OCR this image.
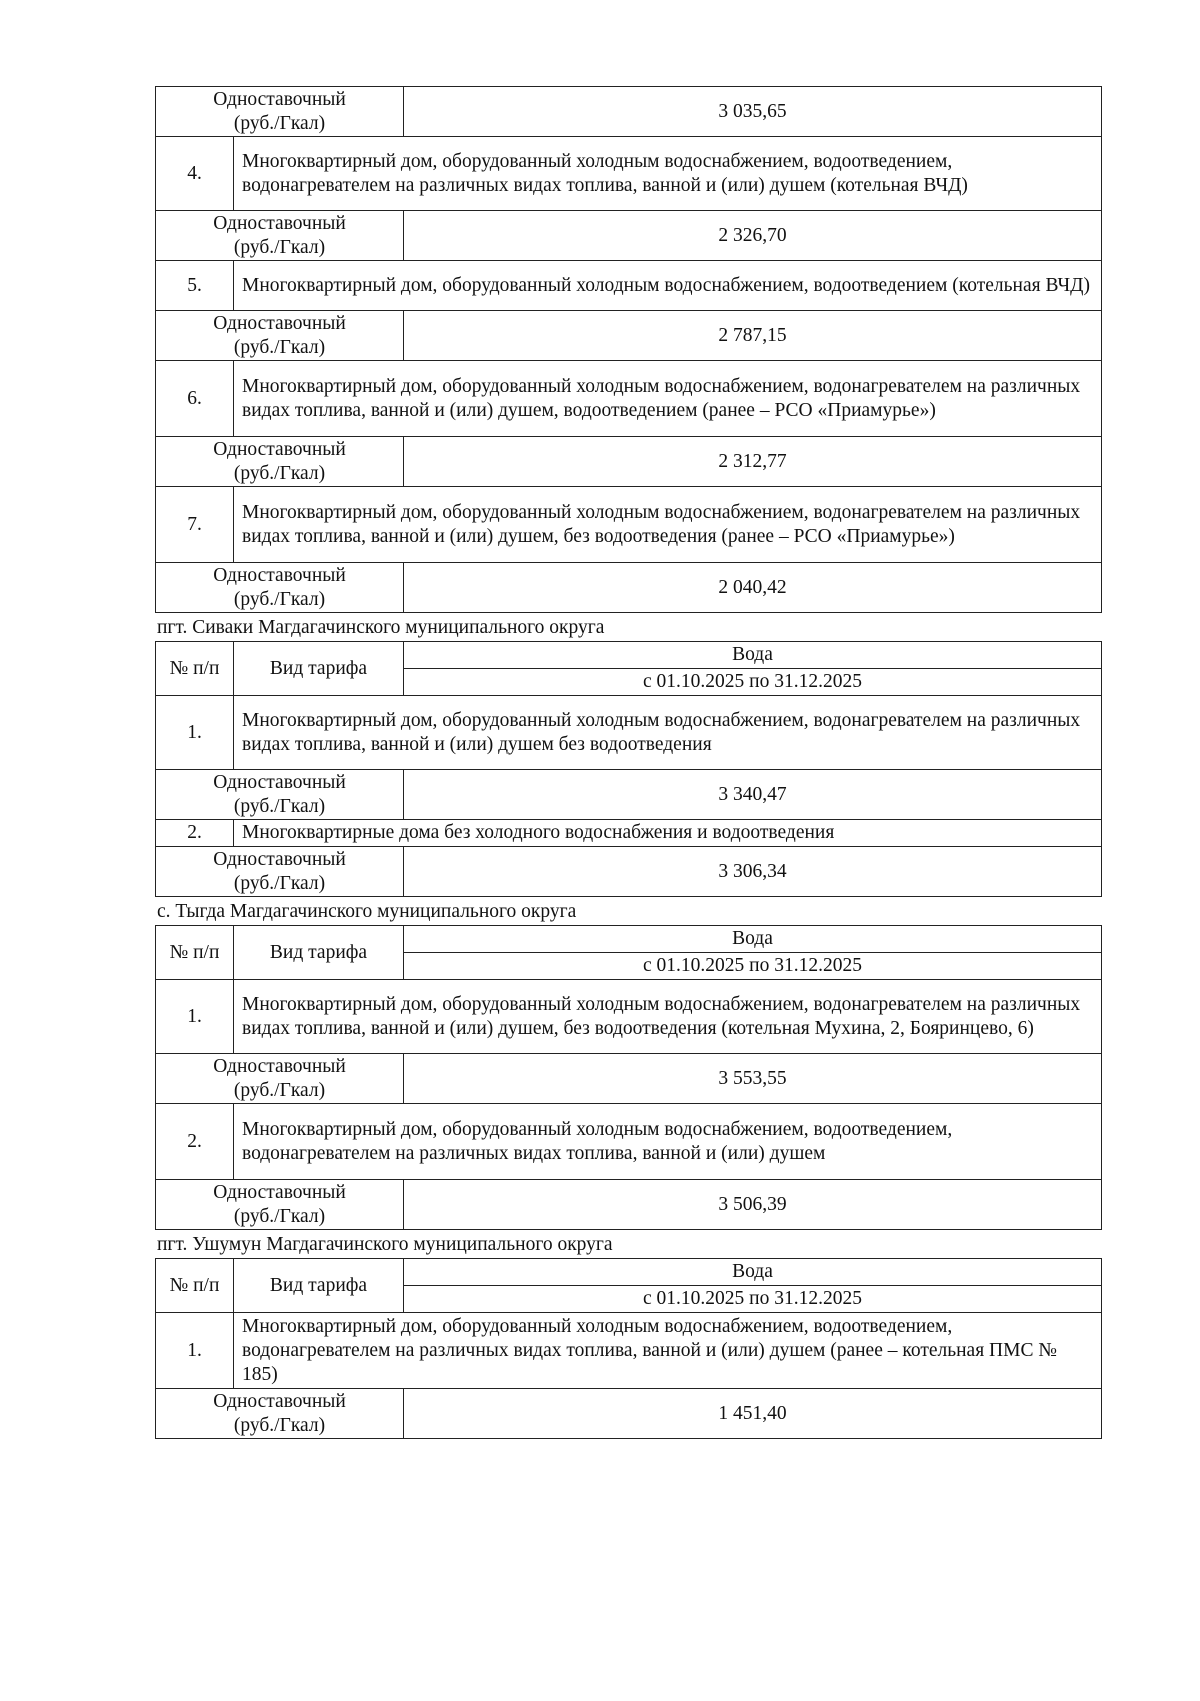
Одноставочный
(руб./Гкал)		3 035,65
4.	Многоквартирный дом, оборудованный холодным водоснабжением, водоотведением, водонагревателем на различных видах топлива, ванной и (или) душем (котельная ВЧД)	
Одноставочный
(руб./Гкал)		2 326,70
5.	Многоквартирный дом, оборудованный холодным водоснабжением, водоотведением (котельная ВЧД)	
Одноставочный
(руб./Гкал)		2 787,15
6.	Многоквартирный дом, оборудованный холодным водоснабжением, водонагревателем на различных видах топлива, ванной и (или) душем, водоотведением (ранее – РСО «Приамурье»)	
Одноставочный
(руб./Гкал)		2 312,77
7.	Многоквартирный дом, оборудованный холодным водоснабжением, водонагревателем на различных видах топлива, ванной и (или) душем, без водоотведения (ранее – РСО «Приамурье»)	
Одноставочный
(руб./Гкал)		2 040,42
пгт. Сиваки Магдагачинского муниципального округа
№ п/п	Вид тарифа	Вода
		с 01.10.2025 по 31.12.2025
1.	Многоквартирный дом, оборудованный холодным водоснабжением, водонагревателем на различных видах топлива, ванной и (или) душем без водоотведения	
Одноставочный
(руб./Гкал)		3 340,47
2.	Многоквартирные дома без холодного водоснабжения и водоотведения	
Одноставочный
(руб./Гкал)		3 306,34
с. Тыгда Магдагачинского муниципального округа
№ п/п	Вид тарифа	Вода
		с 01.10.2025 по 31.12.2025
1.	Многоквартирный дом, оборудованный холодным водоснабжением, водонагревателем на различных видах топлива, ванной и (или) душем, без водоотведения (котельная Мухина, 2, Бояринцево, 6)	
Одноставочный
(руб./Гкал)		3 553,55
2.	Многоквартирный дом, оборудованный холодным водоснабжением, водоотведением, водонагревателем на различных видах топлива, ванной и (или) душем	
Одноставочный
(руб./Гкал)		3 506,39
пгт. Ушумун Магдагачинского муниципального округа
№ п/п	Вид тарифа	Вода
		с 01.10.2025 по 31.12.2025
1.	Многоквартирный дом, оборудованный холодным водоснабжением, водоотведением, водонагревателем на различных видах топлива, ванной и (или) душем (ранее – котельная ПМС № 185)	
Одноставочный
(руб./Гкал)		1 451,40
